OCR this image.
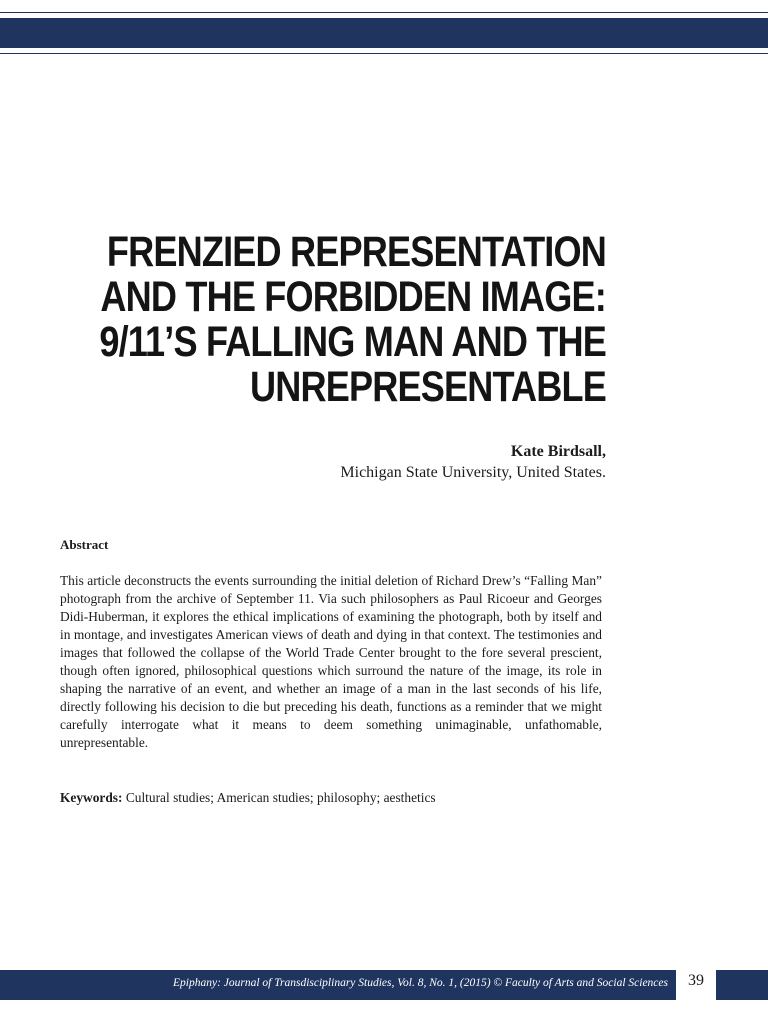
FRENZIED REPRESENTATION
AND THE FORBIDDEN IMAGE:
9/11’S FALLING MAN AND THE
UNREPRESENTABLE
Kate Birdsall,
Michigan State University, United States.
Abstract
This article deconstructs the events surrounding the initial deletion of Richard Drew’s “Falling Man” photograph from the archive of September 11. Via such philosophers as Paul Ricoeur and Georges Didi-Huberman, it explores the ethical implications of examining the photograph, both by itself and in montage, and investigates American views of death and dying in that context. The testimonies and images that followed the collapse of the World Trade Center brought to the fore several prescient, though often ignored, philosophical questions which surround the nature of the image, its role in shaping the narrative of an event, and whether an image of a man in the last seconds of his life, directly following his decision to die but preceding his death, functions as a reminder that we might carefully interrogate what it means to deem something unimaginable, unfathomable, unrepresentable.
Keywords: Cultural studies; American studies; philosophy; aesthetics
Epiphany: Journal of Transdisciplinary Studies, Vol. 8, No. 1, (2015) © Faculty of Arts and Social Sciences	39
